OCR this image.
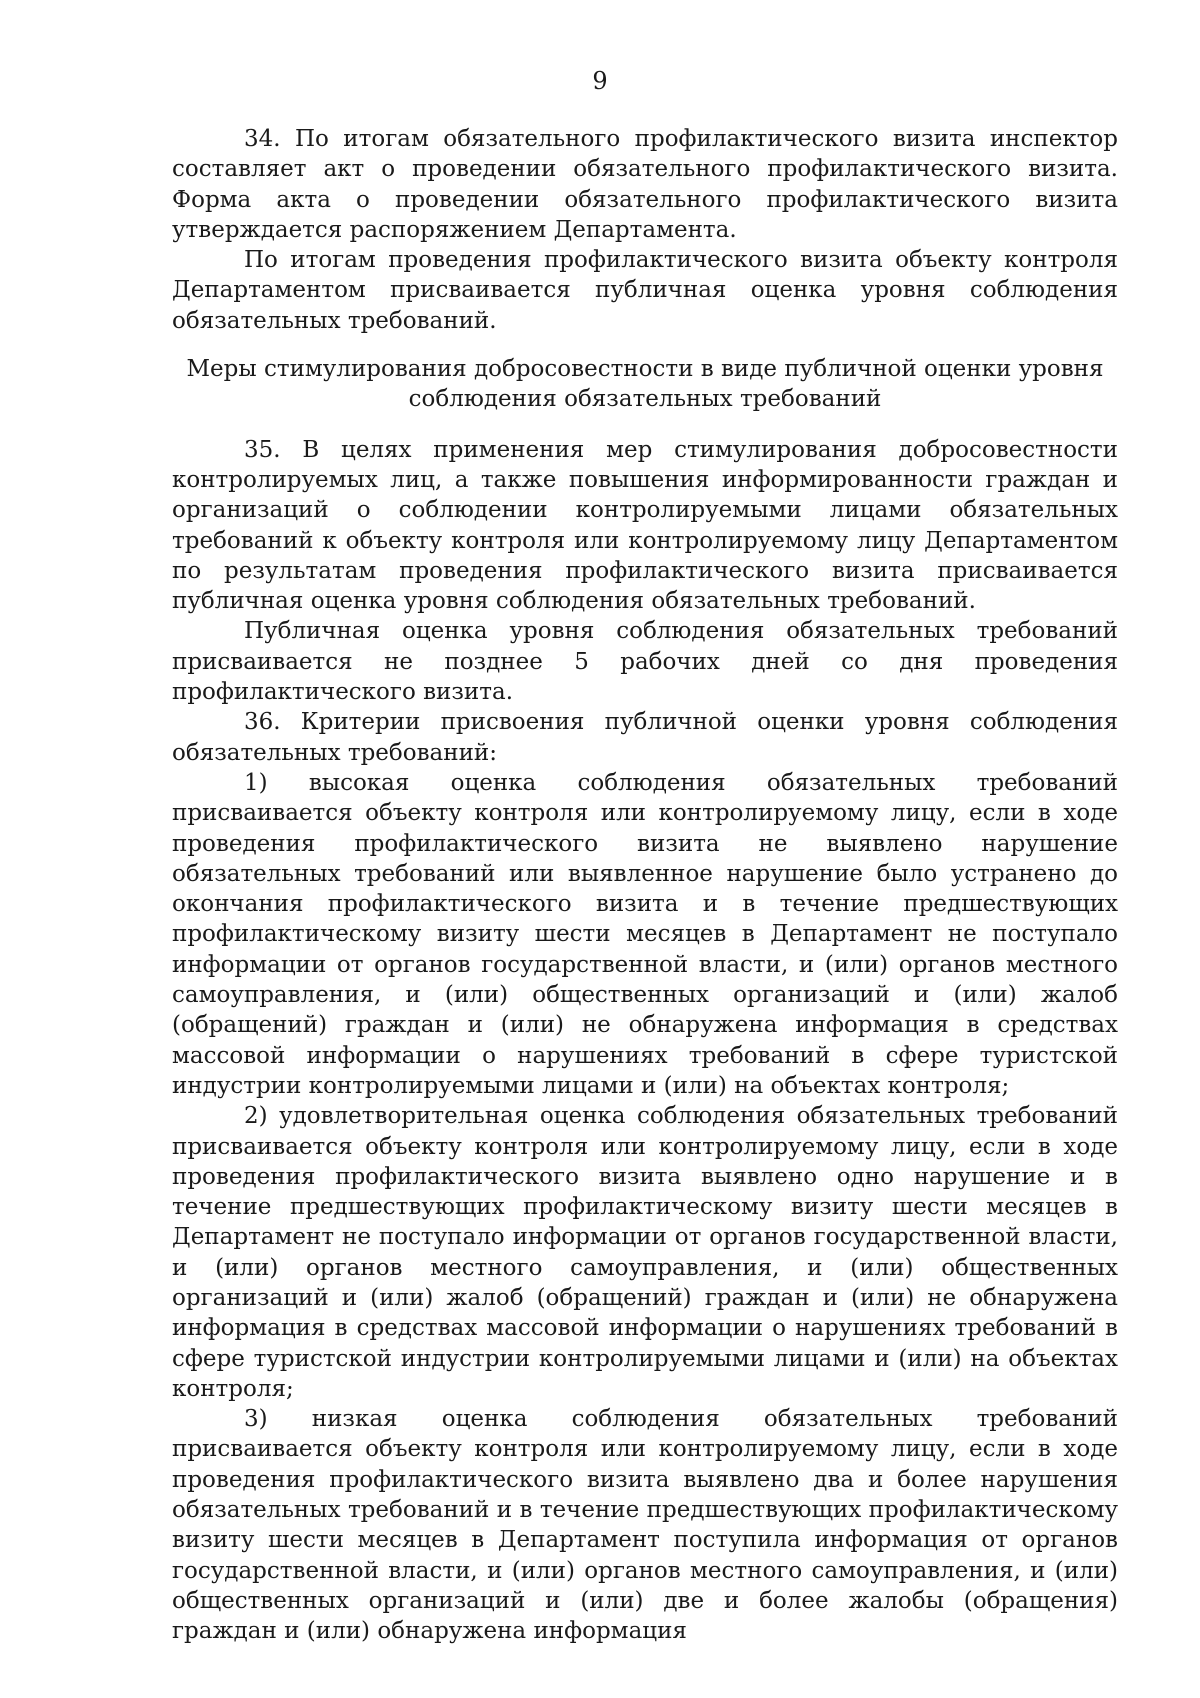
9

34. По итогам обязательного профилактического визита инспектор составляет акт о проведении обязательного профилактического визита. Форма акта о проведении обязательного профилактического визита утверждается распоряжением Департамента.

По итогам проведения профилактического визита объекту контроля Департаментом присваивается публичная оценка уровня соблюдения обязательных требований.

Меры стимулирования добросовестности в виде публичной оценки уровня
соблюдения обязательных требований

35. В целях применения мер стимулирования добросовестности контролируемых лиц, а также повышения информированности граждан и организаций о соблюдении контролируемыми лицами обязательных требований к объекту контроля или контролируемому лицу Департаментом по результатам проведения профилактического визита присваивается публичная оценка уровня соблюдения обязательных требований.

Публичная оценка уровня соблюдения обязательных требований присваивается не позднее 5 рабочих дней со дня проведения профилактического визита.

36. Критерии присвоения публичной оценки уровня соблюдения обязательных требований:

1) высокая оценка соблюдения обязательных требований присваивается объекту контроля или контролируемому лицу, если в ходе проведения профилактического визита не выявлено нарушение обязательных требований или выявленное нарушение было устранено до окончания профилактического визита и в течение предшествующих профилактическому визиту шести месяцев в Департамент не поступало информации от органов государственной власти, и (или) органов местного самоуправления, и (или) общественных организаций и (или) жалоб (обращений) граждан и (или) не обнаружена информация в средствах массовой информации о нарушениях требований в сфере туристской индустрии контролируемыми лицами и (или) на объектах контроля;

2) удовлетворительная оценка соблюдения обязательных требований присваивается объекту контроля или контролируемому лицу, если в ходе проведения профилактического визита выявлено одно нарушение и в течение предшествующих профилактическому визиту шести месяцев в Департамент не поступало информации от органов государственной власти, и (или) органов местного самоуправления, и (или) общественных организаций и (или) жалоб (обращений) граждан и (или) не обнаружена информация в средствах массовой информации о нарушениях требований в сфере туристской индустрии контролируемыми лицами и (или) на объектах контроля;

3) низкая оценка соблюдения обязательных требований присваивается объекту контроля или контролируемому лицу, если в ходе проведения профилактического визита выявлено два и более нарушения обязательных требований и в течение предшествующих профилактическому визиту шести месяцев в Департамент поступила информация от органов государственной власти, и (или) органов местного самоуправления, и (или) общественных организаций и (или) две и более жалобы (обращения) граждан и (или) обнаружена информация
